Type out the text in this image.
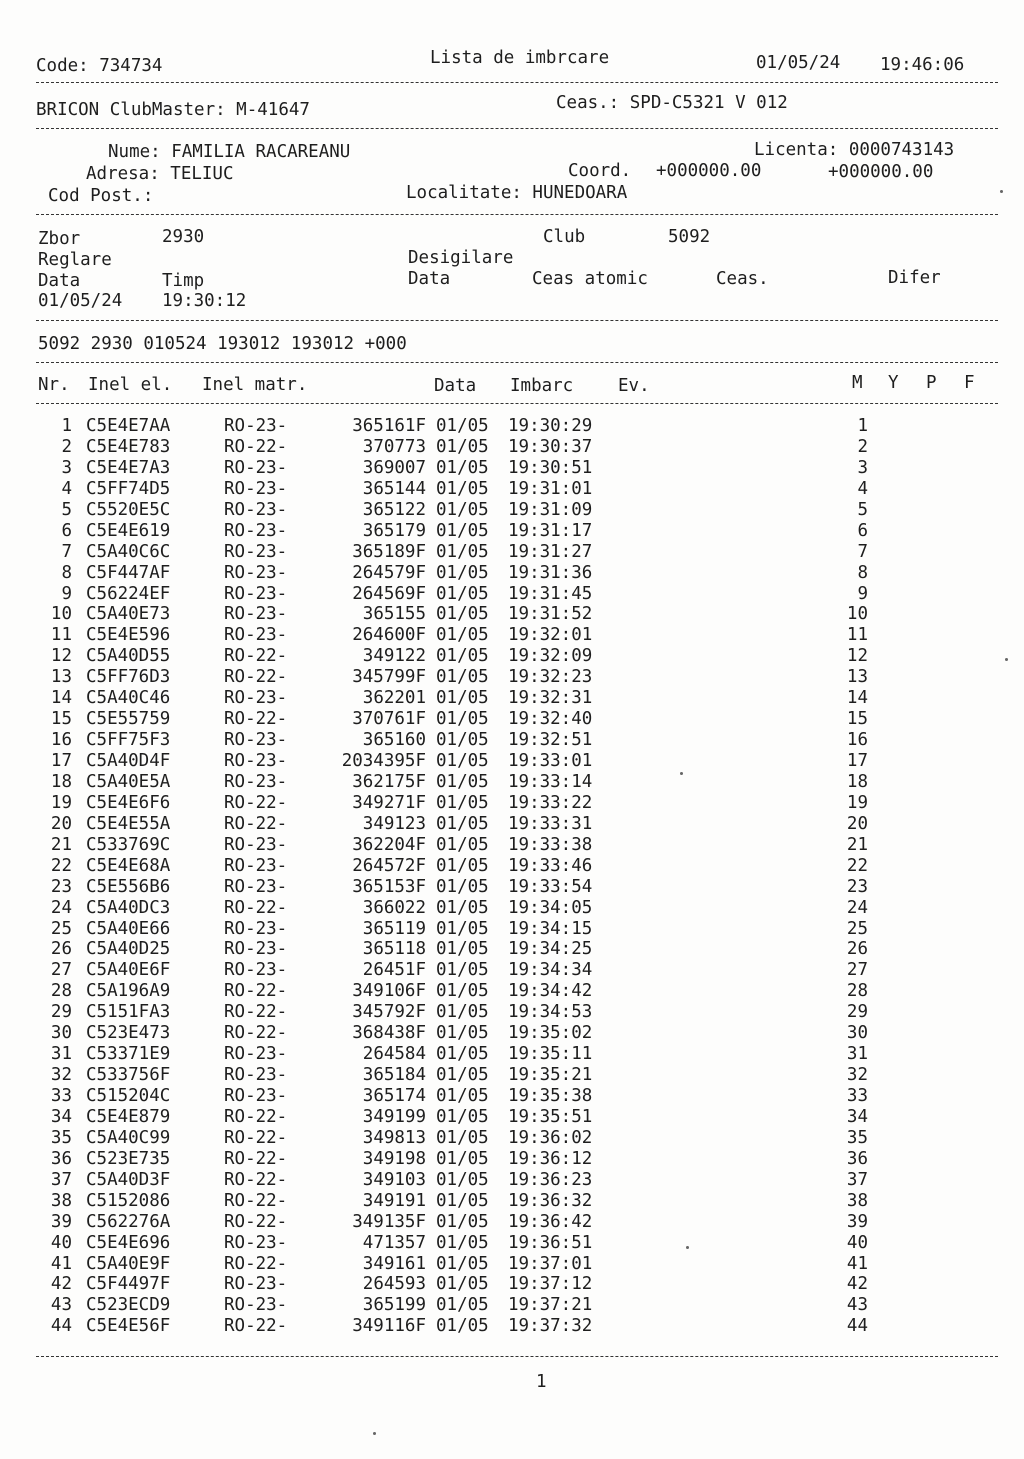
Code: 734734	Lista de imbrcare	01/05/24 19:46:06
BRICON ClubMaster: M-41647	Ceas.: SPD-C5321 V 012
Nume: FAMILIA RACAREANU	Licenta: 0000743143
Adresa: TELIUC	Coord. +000000.00	+000000.00
Cod Post.:	Localitate: HUNEDOARA
Zbor	2930	Club	5092
Reglare	Desigilare
Data	Timp	Data	Ceas atomic	Ceas.	Difer
01/05/24 19:30:12
5092 2930 010524 193012 193012 +000
Nr. Inel el. Inel matr.	Data Imbarc	Ev.	M Y P F
1 C5E4E7AA	RO-23-	365161F 01/05 19:30:29	1
2 C5E4E783	RO-22-	370773 01/05 19:30:37	2
3 C5E4E7A3	RO-23-	369007 01/05 19:30:51	3
4 C5FF74D5	RO-23-	365144 01/05 19:31:01	4
5 C5520E5C	RO-23-	365122 01/05 19:31:09	5
6 C5E4E619	RO-23-	365179 01/05 19:31:17	6
7 C5A40C6C	RO-23-	365189F 01/05 19:31:27	7
8 C5F447AF	RO-23-	264579F 01/05 19:31:36	8
9 C56224EF	RO-23-	264569F 01/05 19:31:45	9
10 C5A40E73	RO-23-	365155 01/05 19:31:52	10
11 C5E4E596	RO-23-	264600F 01/05 19:32:01	11
12 C5A40D55	RO-22-	349122 01/05 19:32:09	12
13 C5FF76D3	RO-22-	345799F 01/05 19:32:23	13
14 C5A40C46	RO-23-	362201 01/05 19:32:31	14
15 C5E55759	RO-22-	370761F 01/05 19:32:40	15
16 C5FF75F3	RO-23-	365160 01/05 19:32:51	16
17 C5A40D4F	RO-23-	2034395F 01/05 19:33:01	17
18 C5A40E5A	RO-23-	362175F 01/05 19:33:14	18
19 C5E4E6F6	RO-22-	349271F 01/05 19:33:22	19
20 C5E4E55A	RO-22-	349123 01/05 19:33:31	20
21 C533769C	RO-23-	362204F 01/05 19:33:38	21
22 C5E4E68A	RO-23-	264572F 01/05 19:33:46	22
23 C5E556B6	RO-23-	365153F 01/05 19:33:54	23
24 C5A40DC3	RO-22-	366022 01/05 19:34:05	24
25 C5A40E66	RO-23-	365119 01/05 19:34:15	25
26 C5A40D25	RO-23-	365118 01/05 19:34:25	26
27 C5A40E6F	RO-23-	26451F 01/05 19:34:34	27
28 C5A196A9	RO-22-	349106F 01/05 19:34:42	28
29 C5151FA3	RO-22-	345792F 01/05 19:34:53	29
30 C523E473	RO-22-	368438F 01/05 19:35:02	30
31 C53371E9	RO-23-	264584 01/05 19:35:11	31
32 C533756F	RO-23-	365184 01/05 19:35:21	32
33 C515204C	RO-23-	365174 01/05 19:35:38	33
34 C5E4E879	RO-22-	349199 01/05 19:35:51	34
35 C5A40C99	RO-22-	349813 01/05 19:36:02	35
36 C523E735	RO-22-	349198 01/05 19:36:12	36
37 C5A40D3F	RO-22-	349103 01/05 19:36:23	37
38 C5152086	RO-22-	349191 01/05 19:36:32	38
39 C562276A	RO-22-	349135F 01/05 19:36:42	39
40 C5E4E696	RO-23-	471357 01/05 19:36:51	40
41 C5A40E9F	RO-22-	349161 01/05 19:37:01	41
42 C5F4497F	RO-23-	264593 01/05 19:37:12	42
43 C523ECD9	RO-23-	365199 01/05 19:37:21	43
44 C5E4E56F	RO-22-	349116F 01/05 19:37:32	44
1
